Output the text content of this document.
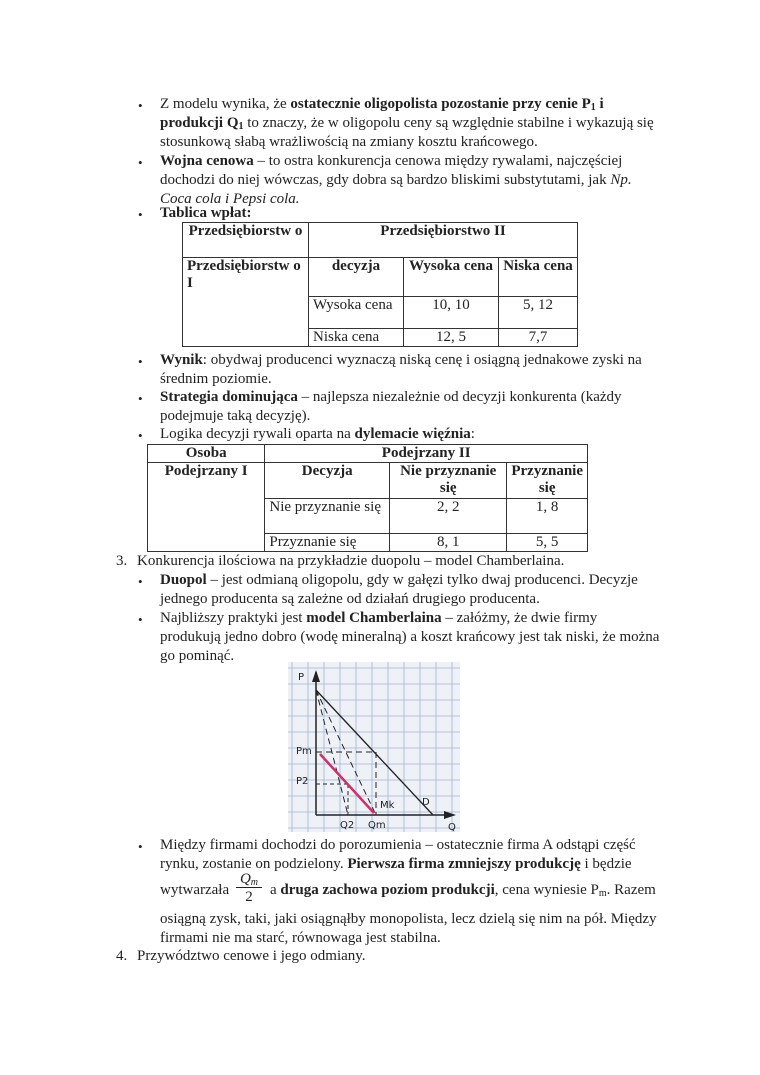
• Z modelu wynika, że ostatecznie oligopolista pozostanie przy cenie $P_1$ i
produkcji $Q_1$ to znaczy, że w oligopolu ceny są względnie stabilne i wykazują się
stosunkową słabą wrażliwością na zmiany kosztu krańcowego.
• Wojna cenowa – to ostra konkurencja cenowa między rywalami, najczęściej
dochodzi do niej wówczas, gdy dobra są bardzo bliskimi substytutami, jak Np.
Coca cola i Pepsi cola.
• Tablica wpłat:
Przedsiębiorstw o	Przedsiębiorstwo II		
Przedsiębiorstw o I	decyzja	Wysoka cena	Niska cena
	Wysoka cena	10, 10	5, 12
	Niska cena	12, 5	7,7
• Wynik: obydwaj producenci wyznaczą niską cenę i osiągną jednakowe zyski na
średnim poziomie.
• Strategia dominująca – najlepsza niezależnie od decyzji konkurenta (każdy
podejmuje taką decyzję).
• Logika decyzji rywali oparta na dylemacie więźnia:
Osoba	Podejrzany II		
Podejrzany I	Decyzja	Nie przyznanie się	Przyznanie się
	Nie przyznanie się	2, 2	1, 8
	Przyznanie się	8, 1	5, 5
3. Konkurencja ilościowa na przykładzie duopolu – model Chamberlaina.
• Duopol – jest odmianą oligopolu, gdy w gałęzi tylko dwaj producenci. Decyzje
jednego producenta są zależne od działań drugiego producenta.
• Najbliższy praktyki jest model Chamberlaina – załóżmy, że dwie firmy
produkują jedno dobro (wodę mineralną) a koszt krańcowy jest tak niski, że można
go pominąć.
P
Pm
P2
Q2 Qm	Q
D
Mk
• Między firmami dochodzi do porozumienia – ostatecznie firma A odstąpi część
rynku, zostanie on podzielony. Pierwsza firma zmniejszy produkcję i będzie
wytwarzała $\frac{Q_m}{2}$ a druga zachowa poziom produkcji, cena wyniesie $P_m$. Razem
osiągną zysk, taki, jaki osiągnąłby monopolista, lecz dzielą się nim na pół. Między
firmami nie ma starć, równowaga jest stabilna.
4. Przywództwo cenowe i jego odmiany.
